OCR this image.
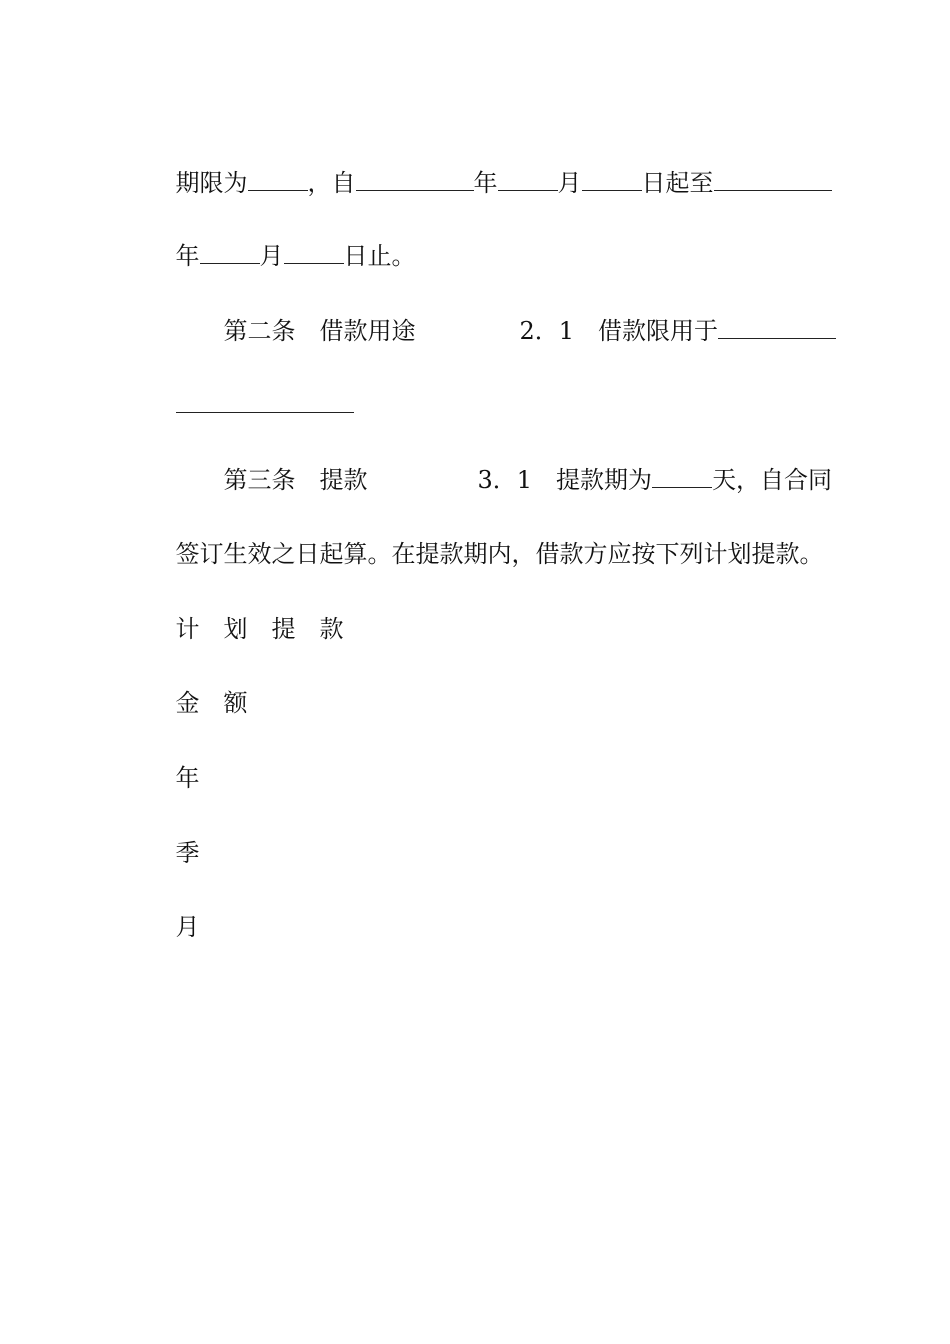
期限为	，自	年	月	日起至

年	月	日止。

第二条　借款用途	2．1　借款限用于

第三条　提款	3．1　提款期为	天，自合同

签订生效之日起算。在提款期内，借款方应按下列计划提款。

计　划　提　款

金　额

年

季

月
